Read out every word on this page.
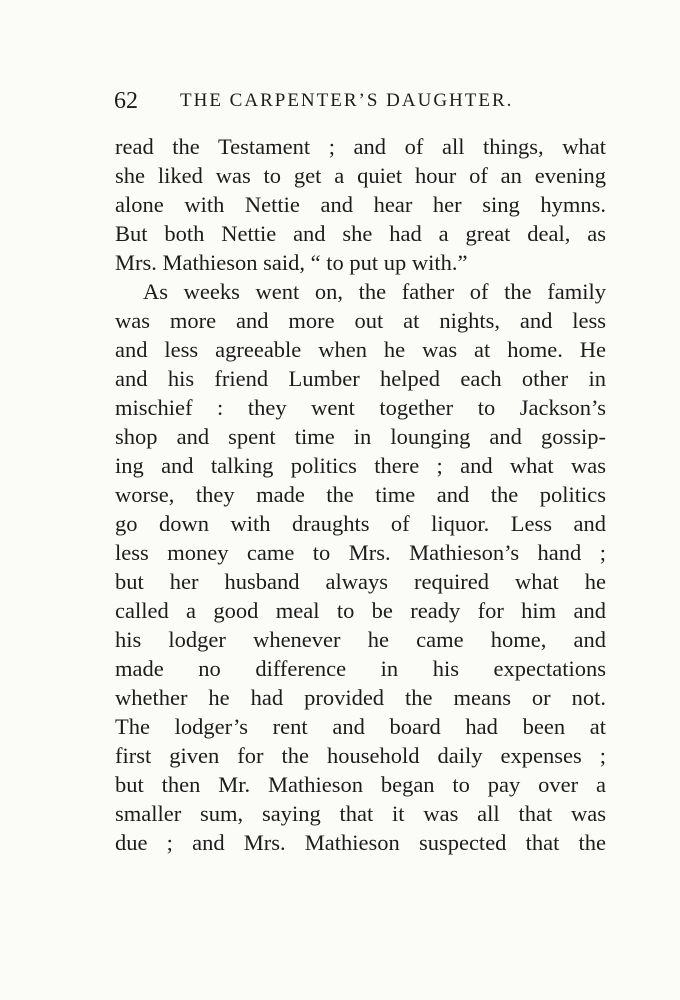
62 THE CARPENTER’S DAUGHTER.
read the Testament ; and of all things, what
she liked was to get a quiet hour of an evening
alone with Nettie and hear her sing hymns.
But both Nettie and she had a great deal, as
Mrs. Mathieson said, “ to put up with.”
As weeks went on, the father of the family
was more and more out at nights, and less
and less agreeable when he was at home. He
and his friend Lumber helped each other in
mischief : they went together to Jackson’s
shop and spent time in lounging and gossip-
ing and talking politics there ; and what was
worse, they made the time and the politics
go down with draughts of liquor. Less and
less money came to Mrs. Mathieson’s hand ;
but her husband always required what he
called a good meal to be ready for him and
his lodger whenever he came home, and
made no difference in his expectations
whether he had provided the means or not.
The lodger’s rent and board had been at
first given for the household daily expenses ;
but then Mr. Mathieson began to pay over a
smaller sum, saying that it was all that was
due ; and Mrs. Mathieson suspected that the
